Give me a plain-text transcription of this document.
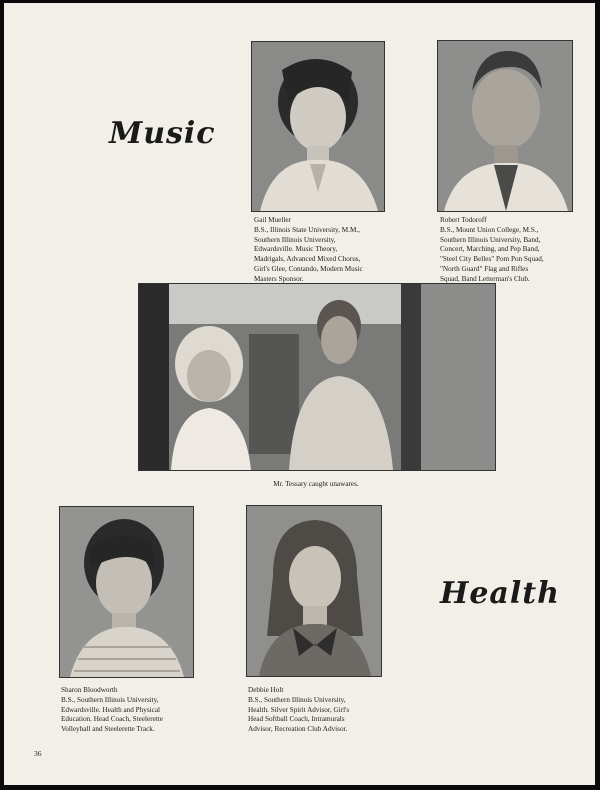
Music
Gail Mueller
B.S., Illinois State University, M.M.,
Southern Illinois University,
Edwardsville. Music Theory,
Madrigals, Advanced Mixed Chorus,
Girl's Glee, Contando, Modern Music
Masters Sponsor.
Robert Todoroff
B.S., Mount Union College, M.S.,
Southern Illinois University, Band,
Concert, Marching, and Pep Band,
"Steel City Belles" Pom Pon Squad,
"North Guard" Flag and Rifles
Squad, Band Letterman's Club.
Mr. Tessary caught unawares.
Sharon Bloodworth
B.S., Southern Illinois University,
Edwardsville. Health and Physical
Education. Head Coach, Steelerette
Volleyball and Steelerette Track.
Debbie Holt
B.S., Southern Illinois University,
Health. Silver Spirit Advisor, Girl's
Head Softball Coach, Intramurals
Advisor, Recreation Club Advisor.
Health
36
